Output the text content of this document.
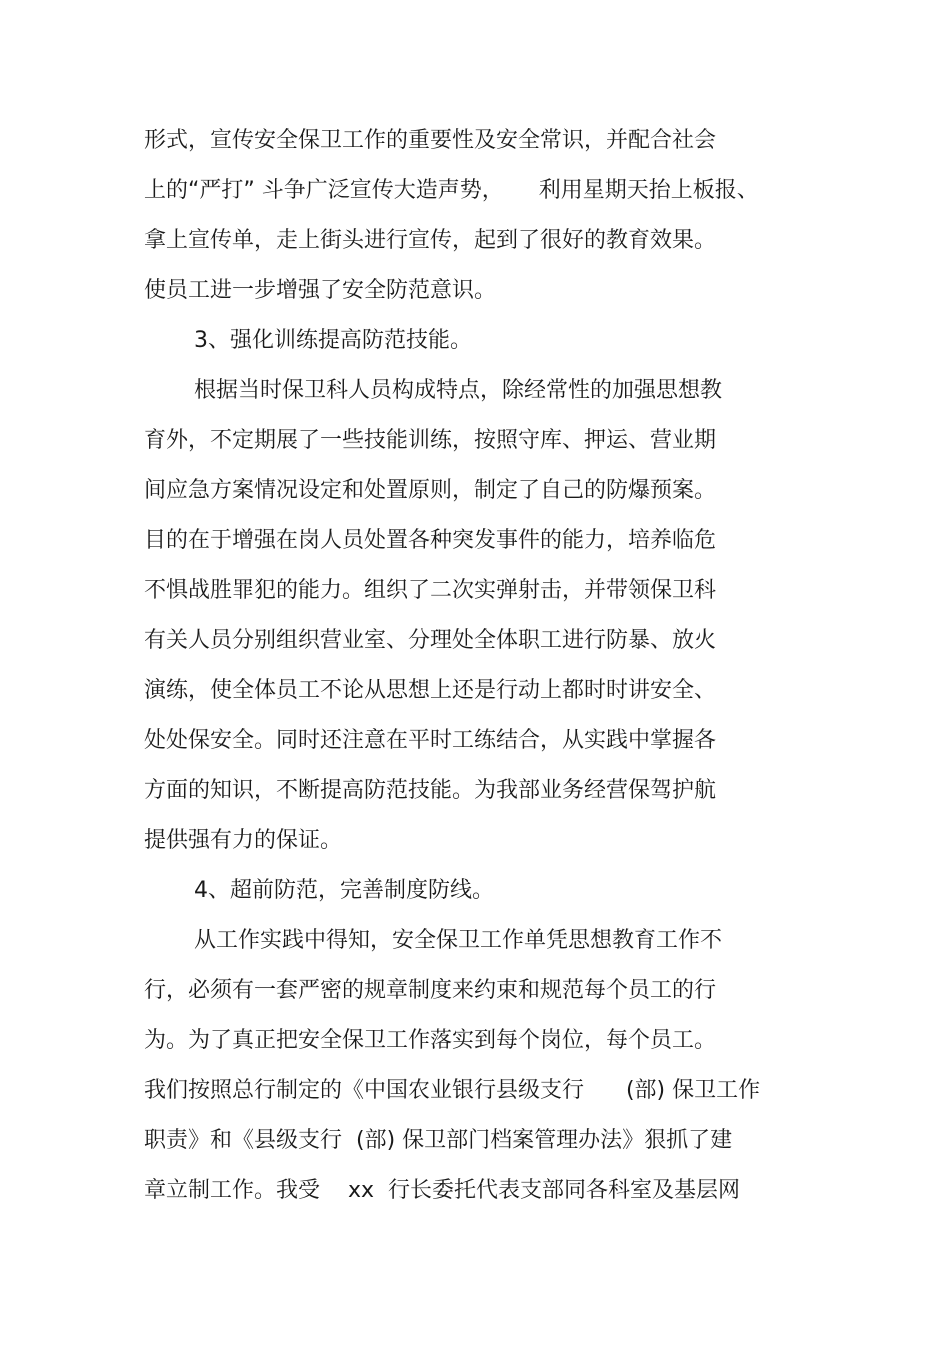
形式，宣传安全保卫工作的重要性及安全常识，并配合社会
上的“严打” 斗争广泛宣传大造声势，     利用星期天抬上板报、
拿上宣传单，走上街头进行宣传，起到了很好的教育效果。
使员工进一步增强了安全防范意识。
3、强化训练提高防范技能。
根据当时保卫科人员构成特点，除经常性的加强思想教
育外，不定期展了一些技能训练，按照守库、押运、营业期
间应急方案情况设定和处置原则，制定了自己的防爆预案。
目的在于增强在岗人员处置各种突发事件的能力，培养临危
不惧战胜罪犯的能力。组织了二次实弹射击，并带领保卫科
有关人员分别组织营业室、分理处全体职工进行防暴、放火
演练，使全体员工不论从思想上还是行动上都时时讲安全、
处处保安全。同时还注意在平时工练结合，从实践中掌握各
方面的知识，不断提高防范技能。为我部业务经营保驾护航
提供强有力的保证。
4、超前防范，完善制度防线。
从工作实践中得知，安全保卫工作单凭思想教育工作不
行，必须有一套严密的规章制度来约束和规范每个员工的行
为。为了真正把安全保卫工作落实到每个岗位，每个员工。
我们按照总行制定的《中国农业银行县级支行      (部) 保卫工作
职责》和《县级支行  (部) 保卫部门档案管理办法》狠抓了建
章立制工作。我受    xx  行长委托代表支部同各科室及基层网
